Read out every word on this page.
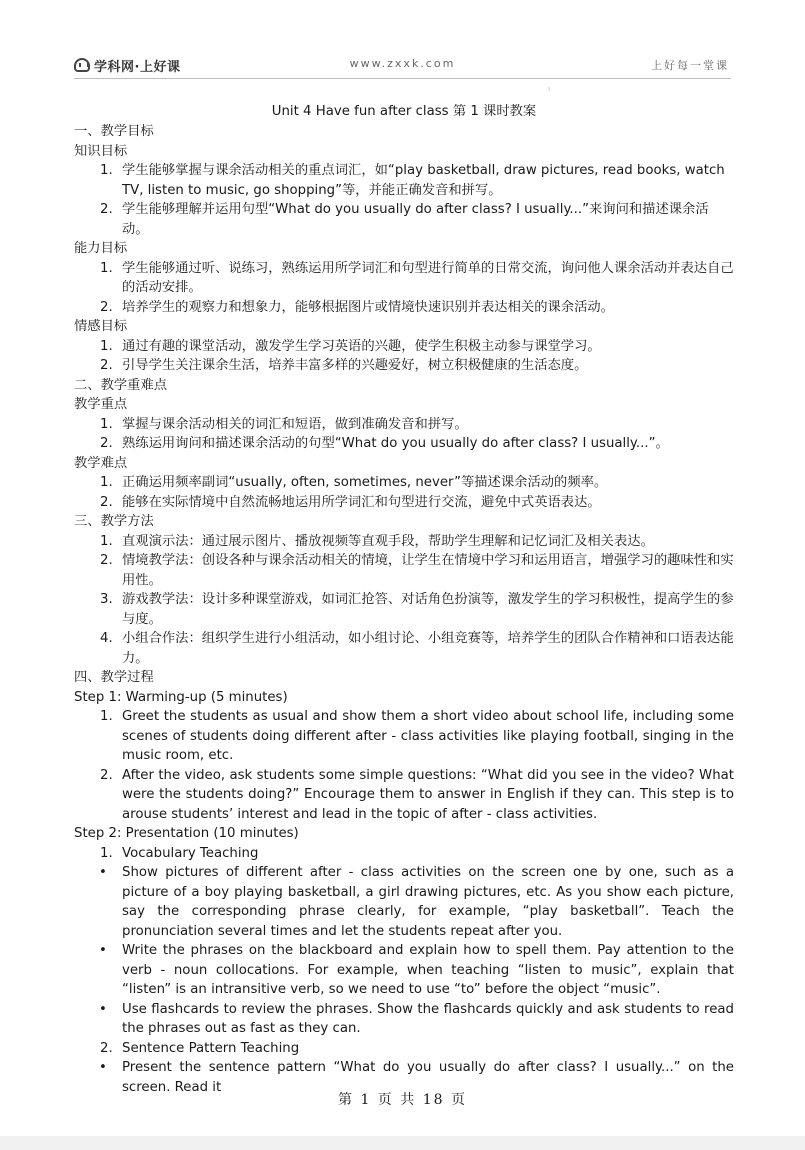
学科网·上好课	www.zxxk.com	上好每一堂课
ı
Unit 4 Have fun after class 第 1 课时教案
一、教学目标
知识目标
1. 学生能够掌握与课余活动相关的重点词汇，如“play basketball, draw pictures, read books, watch TV, listen to music, go shopping”等，并能正确发音和拼写。
2. 学生能够理解并运用句型“What do you usually do after class? I usually...”来询问和描述课余活动。
能力目标
1. 学生能够通过听、说练习，熟练运用所学词汇和句型进行简单的日常交流，询问他人课余活动并表达自己的活动安排。
2. 培养学生的观察力和想象力，能够根据图片或情境快速识别并表达相关的课余活动。
情感目标
1. 通过有趣的课堂活动，激发学生学习英语的兴趣，使学生积极主动参与课堂学习。
2. 引导学生关注课余生活，培养丰富多样的兴趣爱好，树立积极健康的生活态度。
二、教学重难点
教学重点
1. 掌握与课余活动相关的词汇和短语，做到准确发音和拼写。
2. 熟练运用询问和描述课余活动的句型“What do you usually do after class? I usually...”。
教学难点
1. 正确运用频率副词“usually, often, sometimes, never”等描述课余活动的频率。
2. 能够在实际情境中自然流畅地运用所学词汇和句型进行交流，避免中式英语表达。
三、教学方法
1. 直观演示法：通过展示图片、播放视频等直观手段，帮助学生理解和记忆词汇及相关表达。
2. 情境教学法：创设各种与课余活动相关的情境，让学生在情境中学习和运用语言，增强学习的趣味性和实用性。
3. 游戏教学法：设计多种课堂游戏，如词汇抢答、对话角色扮演等，激发学生的学习积极性，提高学生的参与度。
4. 小组合作法：组织学生进行小组活动，如小组讨论、小组竞赛等，培养学生的团队合作精神和口语表达能力。
四、教学过程
Step 1: Warming-up (5 minutes)
1. Greet the students as usual and show them a short video about school life, including some scenes of students doing different after - class activities like playing football, singing in the music room, etc.
2. After the video, ask students some simple questions: “What did you see in the video? What were the students doing?” Encourage them to answer in English if they can. This step is to arouse students’ interest and lead in the topic of after - class activities.
Step 2: Presentation (10 minutes)
1. Vocabulary Teaching
•	Show pictures of different after - class activities on the screen one by one, such as a picture of a boy playing basketball, a girl drawing pictures, etc. As you show each picture, say the corresponding phrase clearly, for example, “play basketball”. Teach the pronunciation several times and let the students repeat after you.
•	Write the phrases on the blackboard and explain how to spell them. Pay attention to the verb - noun collocations. For example, when teaching “listen to music”, explain that “listen” is an intransitive verb, so we need to use “to” before the object “music”.
•	Use flashcards to review the phrases. Show the flashcards quickly and ask students to read the phrases out as fast as they can.
2. Sentence Pattern Teaching
•	Present the sentence pattern “What do you usually do after class? I usually...” on the screen. Read it
第 1 页 共 18 页
